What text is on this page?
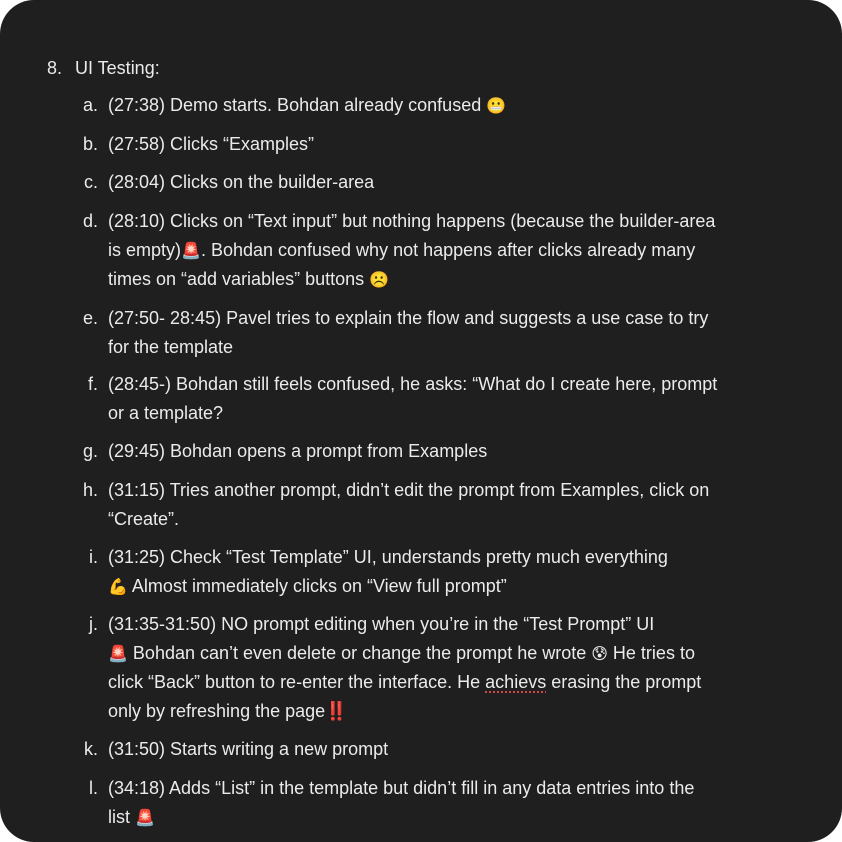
8. UI Testing:
a. (27:38) Demo starts. Bohdan already confused 😬
b. (27:58) Clicks “Examples”
c. (28:04) Clicks on the builder-area
d. (28:10) Clicks on “Text input” but nothing happens (because the builder-area
is empty)🚨. Bohdan confused why not happens after clicks already many
times on “add variables” buttons ☹️
e. (27:50- 28:45) Pavel tries to explain the flow and suggests a use case to try
for the template
f. (28:45-) Bohdan still feels confused, he asks: “What do I create here, prompt
or a template?
g. (29:45) Bohdan opens a prompt from Examples
h. (31:15) Tries another prompt, didn’t edit the prompt from Examples, click on
“Create”.
i. (31:25) Check “Test Template” UI, understands pretty much everything
💪 Almost immediately clicks on “View full prompt”
j. (31:35-31:50) NO prompt editing when you’re in the “Test Prompt” UI
🚨 Bohdan can’t even delete or change the prompt he wrote 😰 He tries to
click “Back” button to re-enter the interface. He achievs erasing the prompt
only by refreshing the page‼️
k. (31:50) Starts writing a new prompt
l. (34:18) Adds “List” in the template but didn’t fill in any data entries into the
list 🚨
